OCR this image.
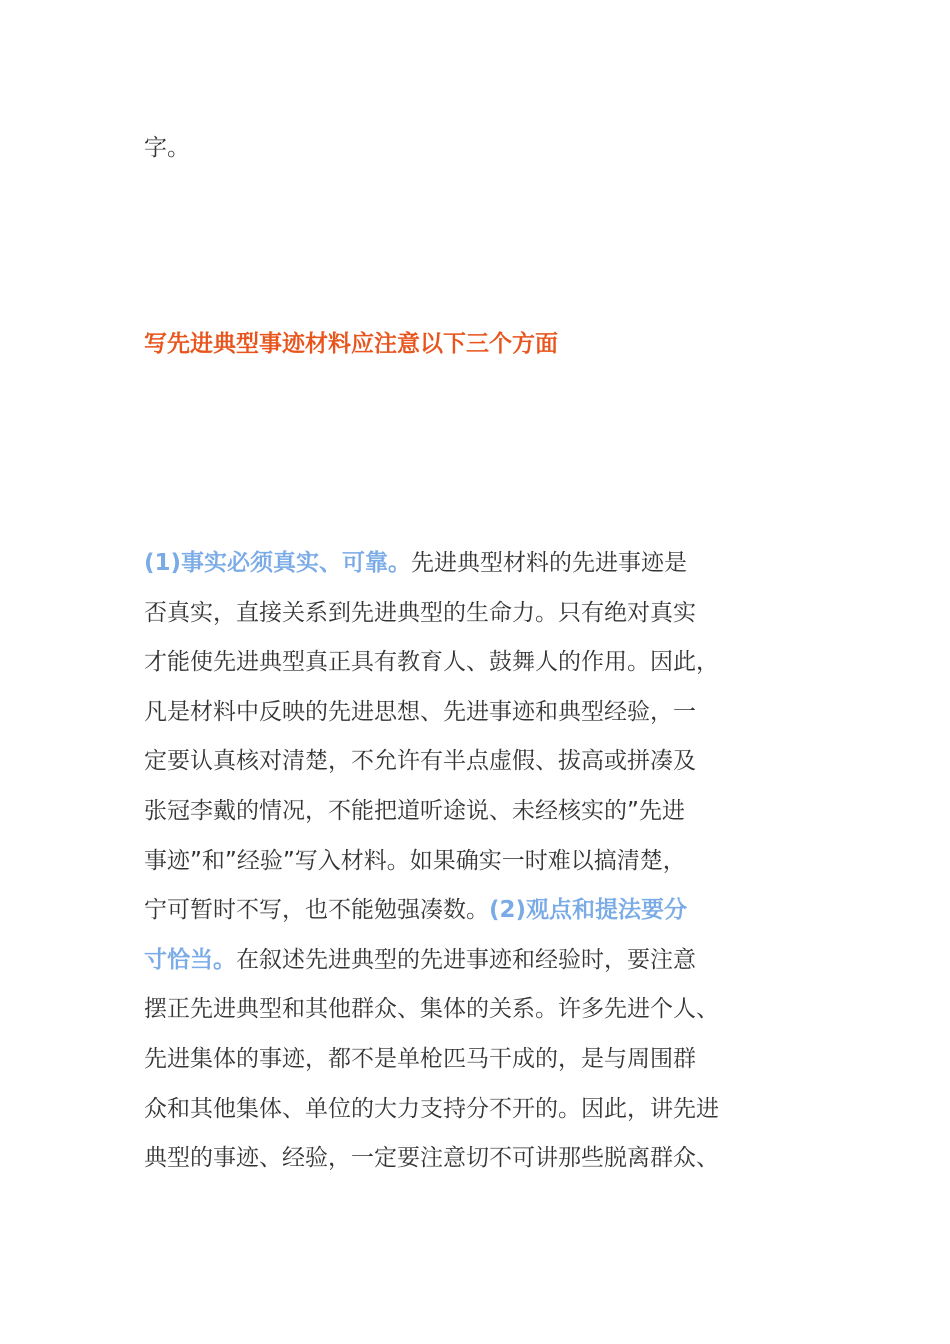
字。
写先进典型事迹材料应注意以下三个方面
(1)事实必须真实、可靠。先进典型材料的先进事迹是
否真实，直接关系到先进典型的生命力。只有绝对真实
才能使先进典型真正具有教育人、鼓舞人的作用。因此，
凡是材料中反映的先进思想、先进事迹和典型经验，一
定要认真核对清楚，不允许有半点虚假、拔高或拼凑及
张冠李戴的情况，不能把道听途说、未经核实的”先进
事迹”和”经验”写入材料。如果确实一时难以搞清楚，
宁可暂时不写，也不能勉强凑数。(2)观点和提法要分
寸恰当。在叙述先进典型的先进事迹和经验时，要注意
摆正先进典型和其他群众、集体的关系。许多先进个人、
先进集体的事迹，都不是单枪匹马干成的，是与周围群
众和其他集体、单位的大力支持分不开的。因此，讲先进
典型的事迹、经验，一定要注意切不可讲那些脱离群众、
